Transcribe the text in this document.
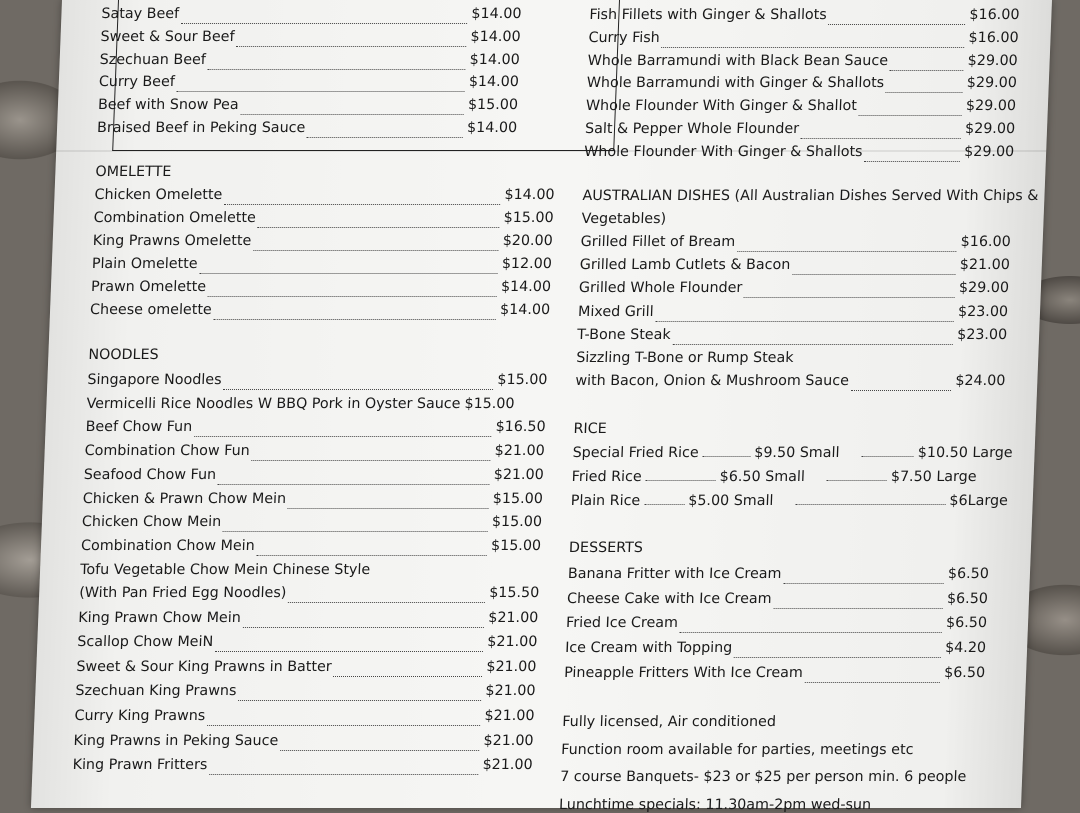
Satay Beef	$14.00
Sweet & Sour Beef	$14.00
Szechuan Beef	$14.00
Curry Beef	$14.00
Beef with Snow Pea	$15.00
Braised Beef in Peking Sauce	$14.00
OMELETTE
Chicken Omelette	$14.00
Combination Omelette	$15.00
King Prawns Omelette	$20.00
Plain Omelette	$12.00
Prawn Omelette	$14.00
Cheese omelette	$14.00
NOODLES
Singapore Noodles	$15.00
Vermicelli Rice Noodles W BBQ Pork in Oyster Sauce $15.00
Beef Chow Fun	$16.50
Combination Chow Fun	$21.00
Seafood Chow Fun	$21.00
Chicken & Prawn Chow Mein	$15.00
Chicken Chow Mein	$15.00
Combination Chow Mein	$15.00
Tofu Vegetable Chow Mein Chinese Style
(With Pan Fried Egg Noodles)	$15.50
King Prawn Chow Mein	$21.00
Scallop Chow MeiN	$21.00
Sweet & Sour King Prawns in Batter	$21.00
Szechuan King Prawns	$21.00
Curry King Prawns	$21.00
King Prawns in Peking Sauce	$21.00
King Prawn Fritters	$21.00
Fish Fillets with Ginger & Shallots	$16.00
Curry Fish	$16.00
Whole Barramundi with Black Bean Sauce	$29.00
Whole Barramundi with Ginger & Shallots	$29.00
Whole Flounder With Ginger & Shallot	$29.00
Salt & Pepper Whole Flounder	$29.00
Whole Flounder With Ginger & Shallots	$29.00
AUSTRALIAN DISHES (All Australian Dishes Served With Chips &
Vegetables)
Grilled Fillet of Bream	$16.00
Grilled Lamb Cutlets & Bacon	$21.00
Grilled Whole Flounder	$29.00
Mixed Grill	$23.00
T-Bone Steak	$23.00
Sizzling T-Bone or Rump Steak
with Bacon, Onion & Mushroom Sauce	$24.00
RICE
Special Fried Rice	$9.50 Small	$10.50 Large
Fried Rice	$6.50 Small	$7.50 Large
Plain Rice	$5.00 Small	$6Large
DESSERTS
Banana Fritter with Ice Cream	$6.50
Cheese Cake with Ice Cream	$6.50
Fried Ice Cream	$6.50
Ice Cream with Topping	$4.20
Pineapple Fritters With Ice Cream	$6.50
Fully licensed, Air conditioned
Function room available for parties, meetings etc
7 course Banquets- $23 or $25 per person min. 6 people
Lunchtime specials: 11.30am-2pm wed-sun
